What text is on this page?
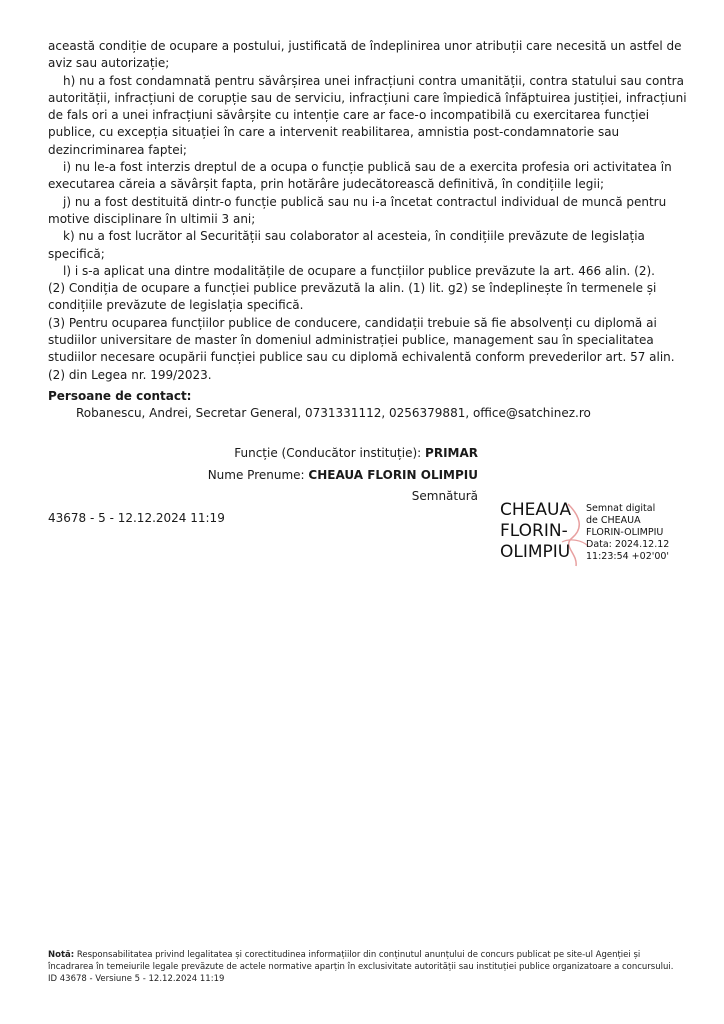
această condiție de ocupare a postului, justificată de îndeplinirea unor atribuții care necesită un astfel de aviz sau autorizație;

h) nu a fost condamnată pentru săvârșirea unei infracțiuni contra umanității, contra statului sau contra autorității, infracțiuni de corupție sau de serviciu, infracțiuni care împiedică înfăptuirea justiției, infracțiuni de fals ori a unei infracțiuni săvârșite cu intenție care ar face-o incompatibilă cu exercitarea funcției publice, cu excepția situației în care a intervenit reabilitarea, amnistia post-condamnatorie sau dezincriminarea faptei;

i) nu le-a fost interzis dreptul de a ocupa o funcție publică sau de a exercita profesia ori activitatea în executarea căreia a săvârșit fapta, prin hotărâre judecătorească definitivă, în condițiile legii;

j) nu a fost destituită dintr-o funcție publică sau nu i-a încetat contractul individual de muncă pentru motive disciplinare în ultimii 3 ani;

k) nu a fost lucrător al Securității sau colaborator al acesteia, în condițiile prevăzute de legislația specifică;

l) i s-a aplicat una dintre modalitățile de ocupare a funcțiilor publice prevăzute la art. 466 alin. (2).

(2) Condiția de ocupare a funcției publice prevăzută la alin. (1) lit. g2) se îndeplinește în termenele și condițiile prevăzute de legislația specifică.

(3) Pentru ocuparea funcțiilor publice de conducere, candidații trebuie să fie absolvenți cu diplomă ai studiilor universitare de master în domeniul administrației publice, management sau în specialitatea studiilor necesare ocupării funcției publice sau cu diplomă echivalentă conform prevederilor art. 57 alin. (2) din Legea nr. 199/2023.

Persoane de contact:
Robanescu, Andrei, Secretar General, 0731331112, 0256379881, office@satchinez.ro
Funcție (Conducător instituție): PRIMAR
Nume Prenume: CHEAUA FLORIN OLIMPIU
Semnătură
43678 - 5 - 12.12.2024 11:19	CHEAUA
FLORIN-
OLIMPIU
Semnat digital
de CHEAUA
FLORIN-OLIMPIU
Data: 2024.12.12
11:23:54 +02'00'
Notă: Responsabilitatea privind legalitatea și corectitudinea informațiilor din conținutul anunțului de concurs publicat pe site-ul Agenției și încadrarea în temeiurile legale prevăzute de actele normative aparțin în exclusivitate autorității sau instituției publice organizatoare a concursului.
ID 43678 - Versiune 5 - 12.12.2024 11:19
